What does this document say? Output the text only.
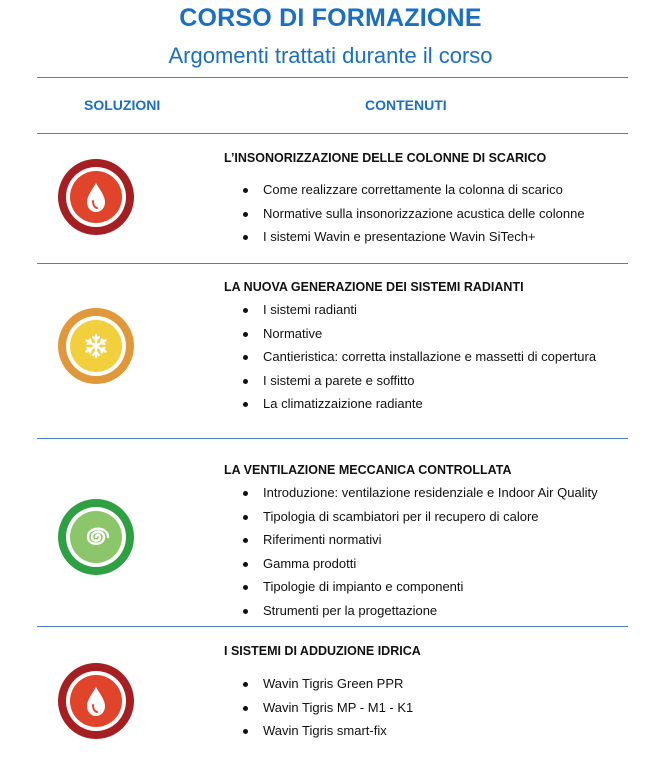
CORSO DI FORMAZIONE
Argomenti trattati durante il corso
SOLUZIONI	CONTENUTI
L’INSONORIZZAZIONE DELLE COLONNE DI SCARICO
Come realizzare correttamente la colonna di scarico
Normative sulla insonorizzazione acustica delle colonne
I sistemi Wavin e presentazione Wavin SiTech+
LA NUOVA GENERAZIONE DEI SISTEMI RADIANTI
I sistemi radianti
Normative
Cantieristica: corretta installazione e massetti di copertura
I sistemi a parete e soffitto
La climatizzaizione radiante
LA VENTILAZIONE MECCANICA CONTROLLATA
Introduzione: ventilazione residenziale e Indoor Air Quality
Tipologia di scambiatori per il recupero di calore
Riferimenti normativi
Gamma prodotti
Tipologie di impianto e componenti
Strumenti per la progettazione
I SISTEMI DI ADDUZIONE IDRICA
Wavin Tigris Green PPR
Wavin Tigris MP - M1 - K1
Wavin Tigris smart-fix
